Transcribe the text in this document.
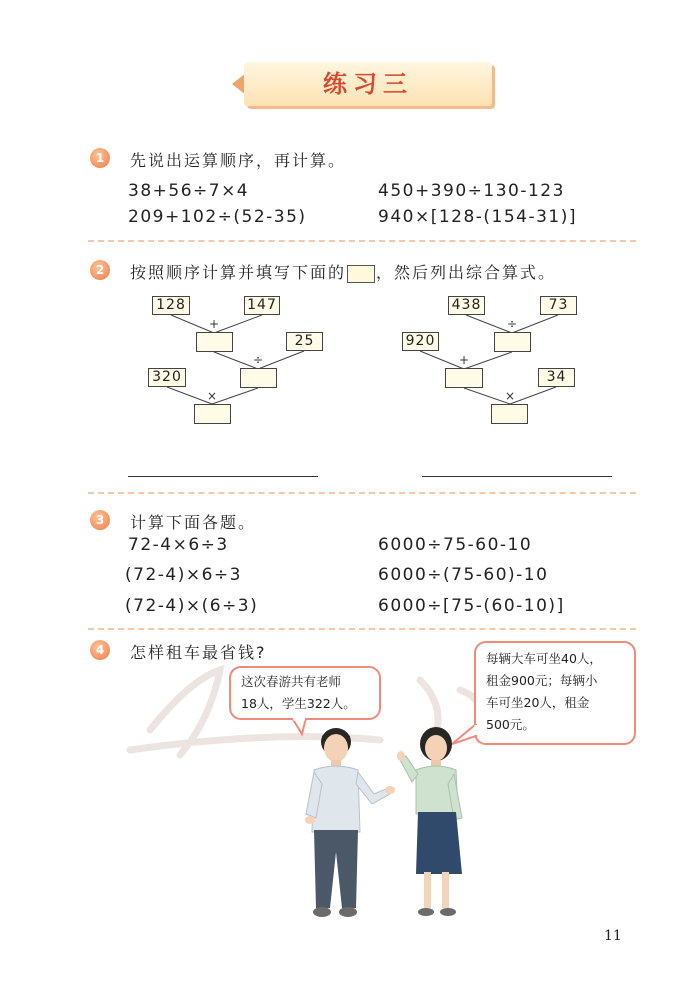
练习三
1	先说出运算顺序，再计算。
38+56÷7×4	450+390÷130-123
209+102÷(52-35)	940×[128-(154-31)]
2	按照顺序计算并填写下面的 ，然后列出综合算式。
128	147
+
25
÷
320
×
438	73
÷
920
+
34
×
3	计算下面各题。
72-4×6÷3	6000÷75-60-10
(72-4)×6÷3	6000÷(75-60)-10
(72-4)×(6÷3)	6000÷[75-(60-10)]
4	怎样租车最省钱?
这次春游共有老师
18人，学生322人。
每辆大车可坐40人，
租金900元；每辆小
车可坐20人，租金
500元。
11
